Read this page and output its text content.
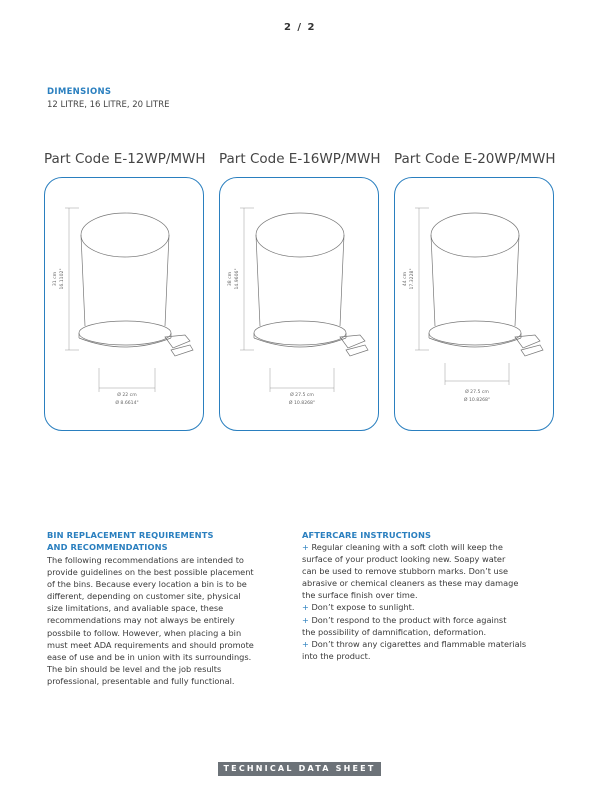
2 / 2
DIMENSIONS
12 LITRE, 16 LITRE, 20 LITRE
Part Code E-12WP/MWH Part Code E-16WP/MWH Part Code E-20WP/MWH
31 cm 16.1102"
Ø 22 cm
Ø 8.6614"
38 cm 14.9606"
Ø 27.5 cm
Ø 10.8268"
44 cm 17.3228"
Ø 27.5 cm
Ø 10.8268"
BIN REPLACEMENT REQUIREMENTS
AND RECOMMENDATIONS
The following recommendations are intended to
provide guidelines on the best possible placement
of the bins. Because every location a bin is to be
different, depending on customer site, physical
size limitations, and avaliable space, these
recommendations may not always be entirely
possbile to follow. However, when placing a bin
must meet ADA requirements and should promote
ease of use and be in union with its surroundings.
The bin should be level and the job results
professional, presentable and fully functional.
AFTERCARE INSTRUCTIONS
+ Regular cleaning with a soft cloth will keep the
surface of your product looking new. Soapy water
can be used to remove stubborn marks. Don’t use
abrasive or chemical cleaners as these may damage
the surface finish over time.
+ Don’t expose to sunlight.
+ Don’t respond to the product with force against
the possibility of damnification, deformation.
+ Don’t throw any cigarettes and flammable materials
into the product.
TECHNICAL DATA SHEET
